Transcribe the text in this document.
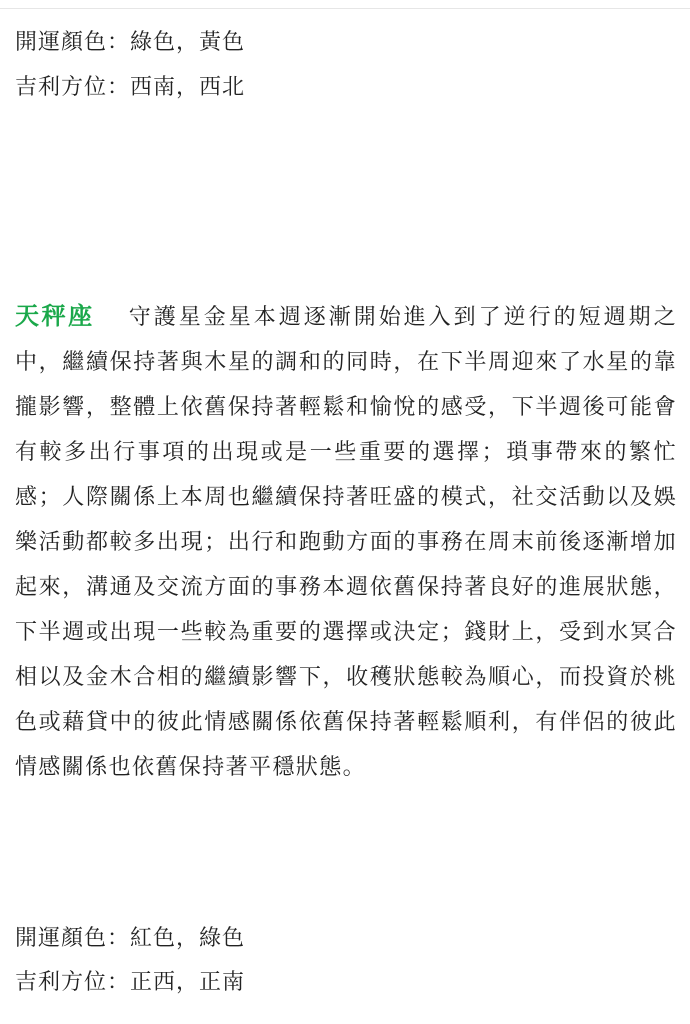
開運顏色：綠色，黃色
吉利方位：西南，西北
天秤座 守護星金星本週逐漸開始進入到了逆行的短週期之中，繼續保持著與木星的調和的同時，在下半周迎來了水星的靠攏影響，整體上依舊保持著輕鬆和愉悅的感受，下半週後可能會有較多出行事項的出現或是一些重要的選擇；瑣事帶來的繁忙感；人際關係上本周也繼續保持著旺盛的模式，社交活動以及娛樂活動都較多出現；出行和跑動方面的事務在周末前後逐漸增加起來，溝通及交流方面的事務本週依舊保持著良好的進展狀態，下半週或出現一些較為重要的選擇或決定；錢財上，受到水冥合相以及金木合相的繼續影響下，收穫狀態較為順心，而投資於桃色或藉貸中的彼此情感關係依舊保持著輕鬆順利，有伴侶的彼此情感關係也依舊保持著平穩狀態。
開運顏色：紅色，綠色
吉利方位：正西，正南
